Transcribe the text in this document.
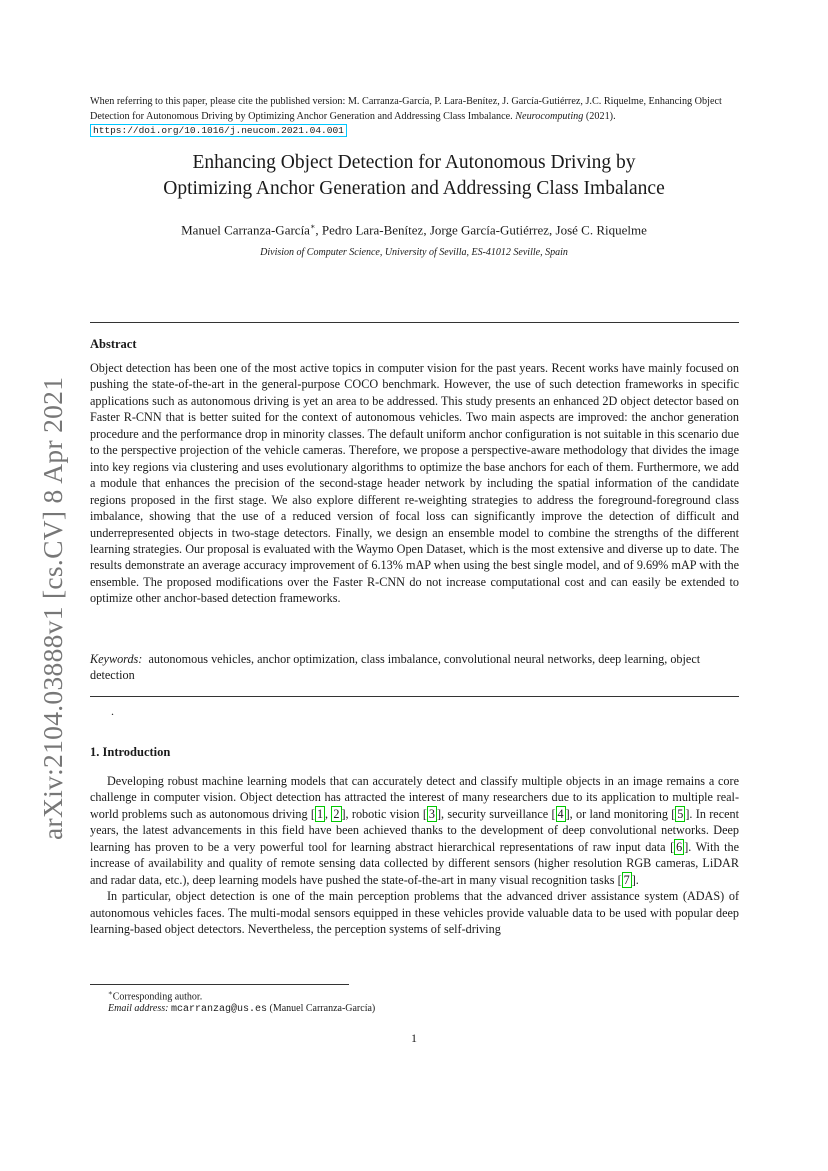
When referring to this paper, please cite the published version: M. Carranza-García, P. Lara-Benítez, J. García-Gutiérrez, J.C. Riquelme, Enhancing Object Detection for Autonomous Driving by Optimizing Anchor Generation and Addressing Class Imbalance. Neurocomputing (2021). https://doi.org/10.1016/j.neucom.2021.04.001
Enhancing Object Detection for Autonomous Driving by
Optimizing Anchor Generation and Addressing Class Imbalance
Manuel Carranza-García∗, Pedro Lara-Benítez, Jorge García-Gutiérrez, José C. Riquelme
Division of Computer Science, University of Sevilla, ES-41012 Seville, Spain
Abstract
Object detection has been one of the most active topics in computer vision for the past years. Recent works have mainly focused on pushing the state-of-the-art in the general-purpose COCO benchmark. However, the use of such detection frameworks in specific applications such as autonomous driving is yet an area to be addressed. This study presents an enhanced 2D object detector based on Faster R-CNN that is better suited for the context of autonomous vehicles. Two main aspects are improved: the anchor generation procedure and the performance drop in minority classes. The default uniform anchor configuration is not suitable in this scenario due to the perspective projection of the vehicle cameras. Therefore, we propose a perspective-aware methodology that divides the image into key regions via clustering and uses evolutionary algorithms to optimize the base anchors for each of them. Furthermore, we add a module that enhances the precision of the second-stage header network by including the spatial information of the candidate regions proposed in the first stage. We also explore different re-weighting strategies to address the foreground-foreground class imbalance, showing that the use of a reduced version of focal loss can significantly improve the detection of difficult and underrepresented objects in two-stage detectors. Finally, we design an ensemble model to combine the strengths of the different learning strategies. Our proposal is evaluated with the Waymo Open Dataset, which is the most extensive and diverse up to date. The results demonstrate an average accuracy improvement of 6.13% mAP when using the best single model, and of 9.69% mAP with the ensemble. The proposed modifications over the Faster R-CNN do not increase computational cost and can easily be extended to optimize other anchor-based detection frameworks.
Keywords: autonomous vehicles, anchor optimization, class imbalance, convolutional neural networks, deep learning, object detection
.
1. Introduction

Developing robust machine learning models that can accurately detect and classify multiple objects in an image remains a core challenge in computer vision. Object detection has attracted the interest of many researchers due to its application to multiple real-world problems such as autonomous driving [ 1 , 2 ], robotic vision [ 3 ], security surveillance [ 4 ], or land monitoring [ 5 ]. In recent years, the latest advancements in this field have been achieved thanks to the development of deep convolutional networks. Deep learning has proven to be a very powerful tool for learning abstract hierarchical representations of raw input data [ 6 ]. With the increase of availability and quality of remote sensing data collected by different sensors (higher resolution RGB cameras, LiDAR and radar data, etc.), deep learning models have pushed the state-of-the-art in many visual recognition tasks [ 7 ].

In particular, object detection is one of the main perception problems that the advanced driver assistance system (ADAS) of autonomous vehicles faces. The multi-modal sensors equipped in these vehicles provide valuable data to be used with popular deep learning-based object detectors. Nevertheless, the perception systems of self-driving

∗Corresponding author.
Email address: mcarranzag@us.es (Manuel Carranza-García)
1
arXiv:2104.03888v1 [cs.CV] 8 Apr 2021
